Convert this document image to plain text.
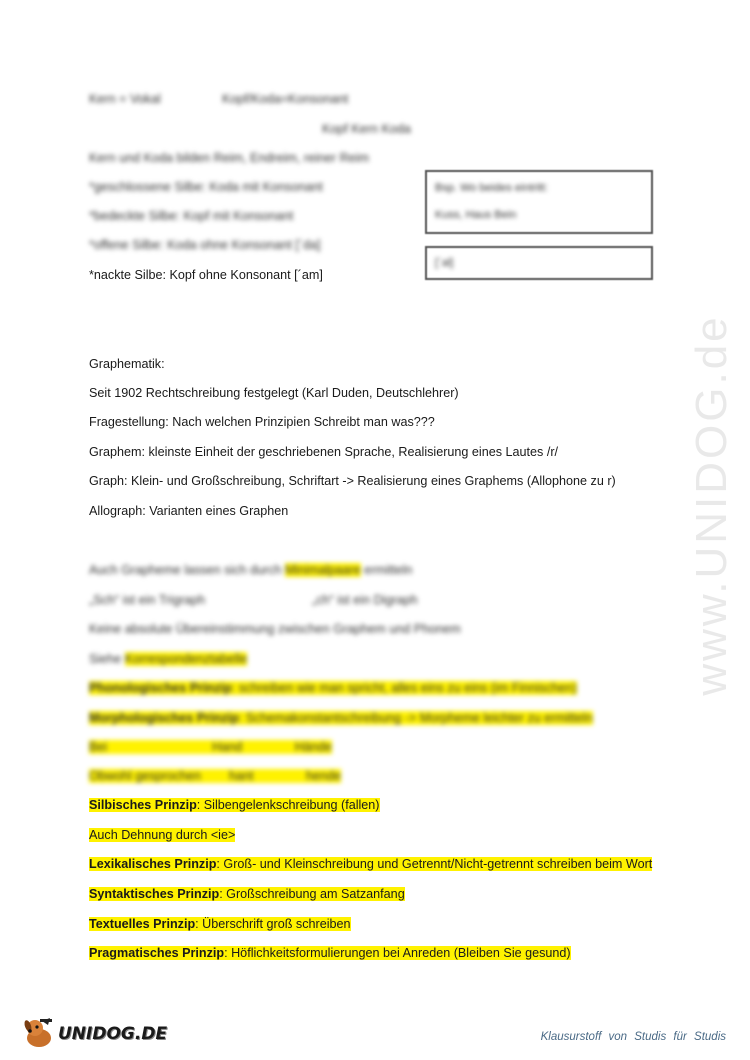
Kern = Vokal	Kopf/Koda=Konsonant
Kopf Kern Koda
Kern und Koda bilden Reim, Endreim, reiner Reim
*geschlossene Silbe: Koda mit Konsonant
*bedeckte Silbe: Kopf mit Konsonant
*offene Silbe: Koda ohne Konsonant [´da]
Bsp. Wo beides eintritt:
Kuss, Haus Bein
[´al]
*nackte Silbe: Kopf ohne Konsonant [´am]
Graphematik:
Seit 1902 Rechtschreibung festgelegt (Karl Duden, Deutschlehrer)
Fragestellung: Nach welchen Prinzipien Schreibt man was???
Graphem: kleinste Einheit der geschriebenen Sprache, Realisierung eines Lautes /r/
Graph: Klein- und Großschreibung, Schriftart -> Realisierung eines Graphems (Allophone zu r)
Allograph: Varianten eines Graphen
Auch Grapheme lassen sich durch Minimalpaare ermitteln
„Sch“ ist ein Trigraph	„ch“ ist ein Digraph
Keine absolute Übereinstimmung zwischen Graphem und Phonem
Siehe Korrespondenztabelle
Phonologisches Prinzip: schreiben wie man spricht, alles eins zu eins (im Finnischen)
Morphologisches Prinzip: Schemakonstantschreibung -> Morpheme leichter zu ermitteln
Bei                              Hand               Hände
Obwohl gesprochen        hant               hende
Silbisches Prinzip: Silbengelenkschreibung (fallen)
Auch Dehnung durch <ie>
Lexikalisches Prinzip: Groß- und Kleinschreibung und Getrennt/Nicht-getrennt schreiben beim Wort
Syntaktisches Prinzip: Großschreibung am Satzanfang
Textuelles Prinzip: Überschrift groß schreiben
Pragmatisches Prinzip: Höflichkeitsformulierungen bei Anreden (Bleiben Sie gesund)
www.UNIDOG.de
UNIDOG.DE	Klausurstoff von Studis für Studis
